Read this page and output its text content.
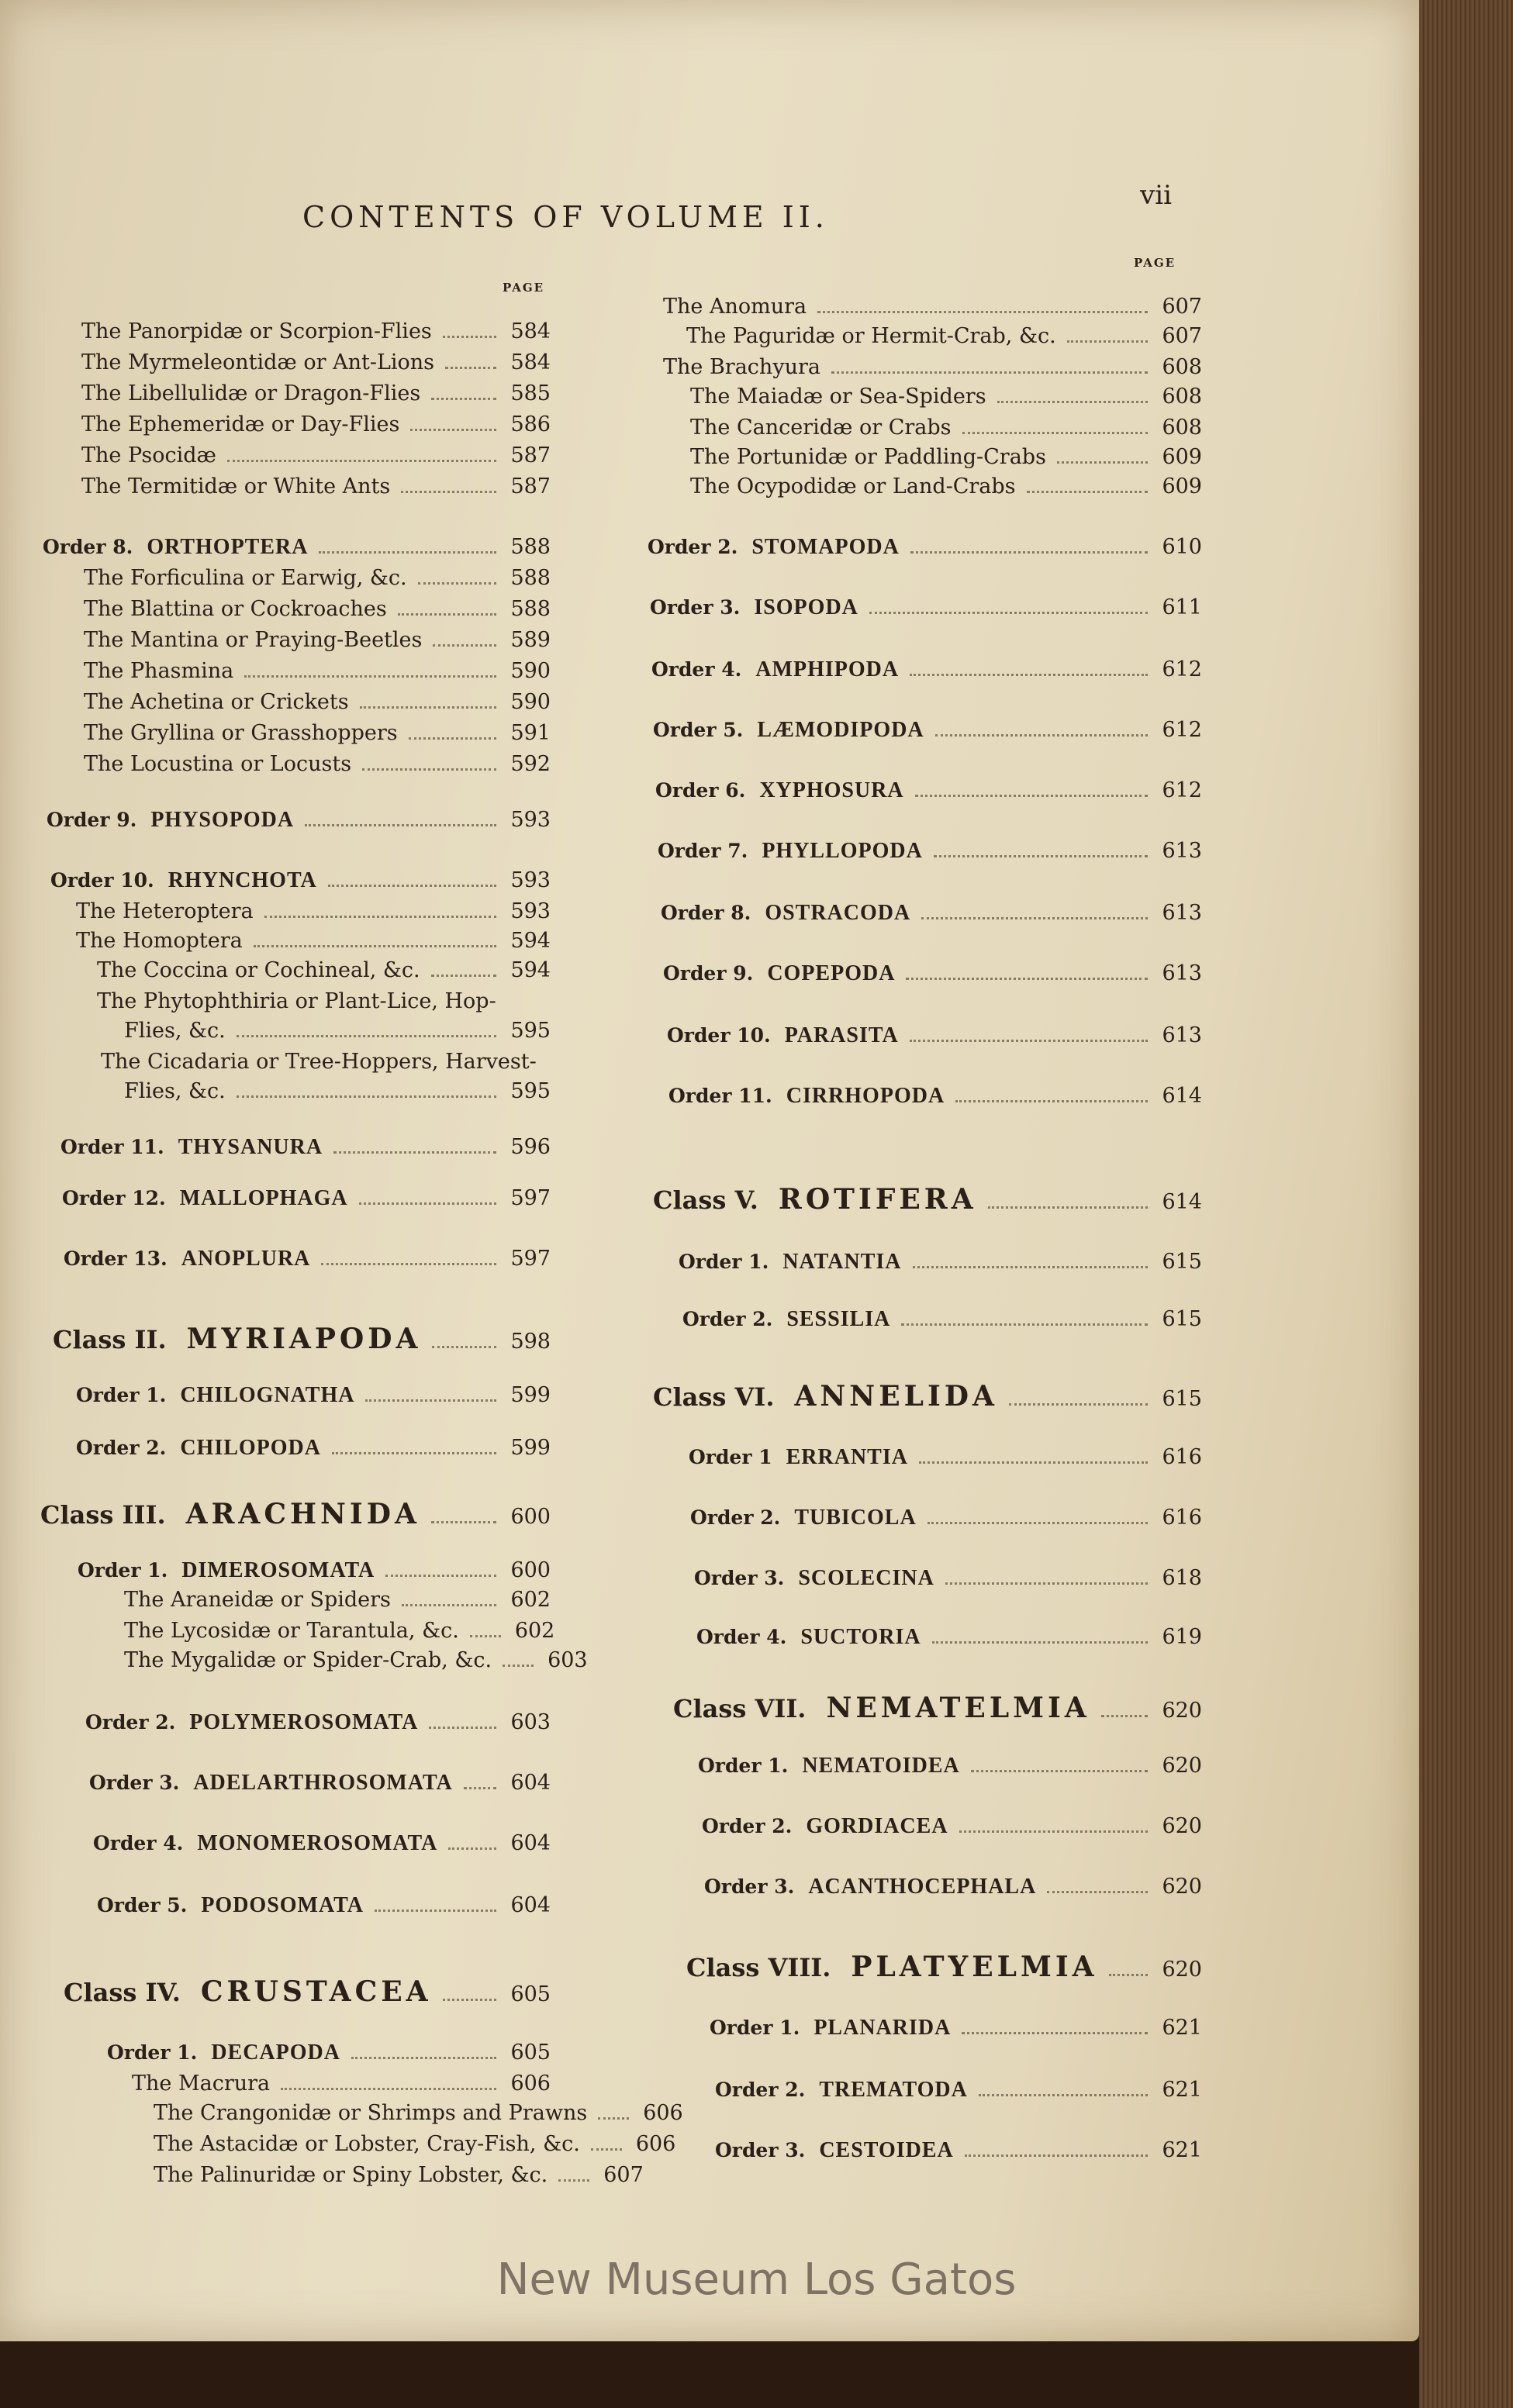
CONTENTS OF VOLUME II.
vii
PAGE
PAGE
The Panorpidæ or Scorpion-Flies	584
The Myrmeleontidæ or Ant-Lions	584
The Libellulidæ or Dragon-Flies	585
The Ephemeridæ or Day-Flies	586
The Psocidæ	587
The Termitidæ or White Ants	587
Order 8. ORTHOPTERA	588
The Forficulina or Earwig, &c.	588
The Blattina or Cockroaches	588
The Mantina or Praying-Beetles	589
The Phasmina	590
The Achetina or Crickets	590
The Gryllina or Grasshoppers	591
The Locustina or Locusts	592
Order 9. PHYSOPODA	593
Order 10. RHYNCHOTA	593
The Heteroptera	593
The Homoptera	594
The Coccina or Cochineal, &c.	594
The Phytophthiria or Plant-Lice, Hop-
Flies, &c.	595
The Cicadaria or Tree-Hoppers, Harvest-
Flies, &c.	595
Order 11. THYSANURA	596
Order 12. MALLOPHAGA	597
Order 13. ANOPLURA	597
Class II. MYRIAPODA	598
Order 1. CHILOGNATHA	599
Order 2. CHILOPODA	599
Class III. ARACHNIDA	600
Order 1. DIMEROSOMATA	600
The Araneidæ or Spiders	602
The Lycosidæ or Tarantula, &c.	602
The Mygalidæ or Spider-Crab, &c.	603
Order 2. POLYMEROSOMATA	603
Order 3. ADELARTHROSOMATA	604
Order 4. MONOMEROSOMATA	604
Order 5. PODOSOMATA	604
Class IV. CRUSTACEA	605
Order 1. DECAPODA	605
The Macrura	606
The Crangonidæ or Shrimps and Prawns	606
The Astacidæ or Lobster, Cray-Fish, &c.	606
The Palinuridæ or Spiny Lobster, &c.	607
The Anomura	607
The Paguridæ or Hermit-Crab, &c.	607
The Brachyura	608
The Maiadæ or Sea-Spiders	608
The Canceridæ or Crabs	608
The Portunidæ or Paddling-Crabs	609
The Ocypodidæ or Land-Crabs	609
Order 2. STOMAPODA	610
Order 3. ISOPODA	611
Order 4. AMPHIPODA	612
Order 5. LÆMODIPODA	612
Order 6. XYPHOSURA	612
Order 7. PHYLLOPODA	613
Order 8. OSTRACODA	613
Order 9. COPEPODA	613
Order 10. PARASITA	613
Order 11. CIRRHOPODA	614
Class V. ROTIFERA	614
Order 1. NATANTIA	615
Order 2. SESSILIA	615
Class VI. ANNELIDA	615
Order 1 ERRANTIA	616
Order 2. TUBICOLA	616
Order 3. SCOLECINA	618
Order 4. SUCTORIA	619
Class VII. NEMATELMIA	620
Order 1. NEMATOIDEA	620
Order 2. GORDIACEA	620
Order 3. ACANTHOCEPHALA	620
Class VIII. PLATYELMIA	620
Order 1. PLANARIDA	621
Order 2. TREMATODA	621
Order 3. CESTOIDEA	621
New Museum Los Gatos
